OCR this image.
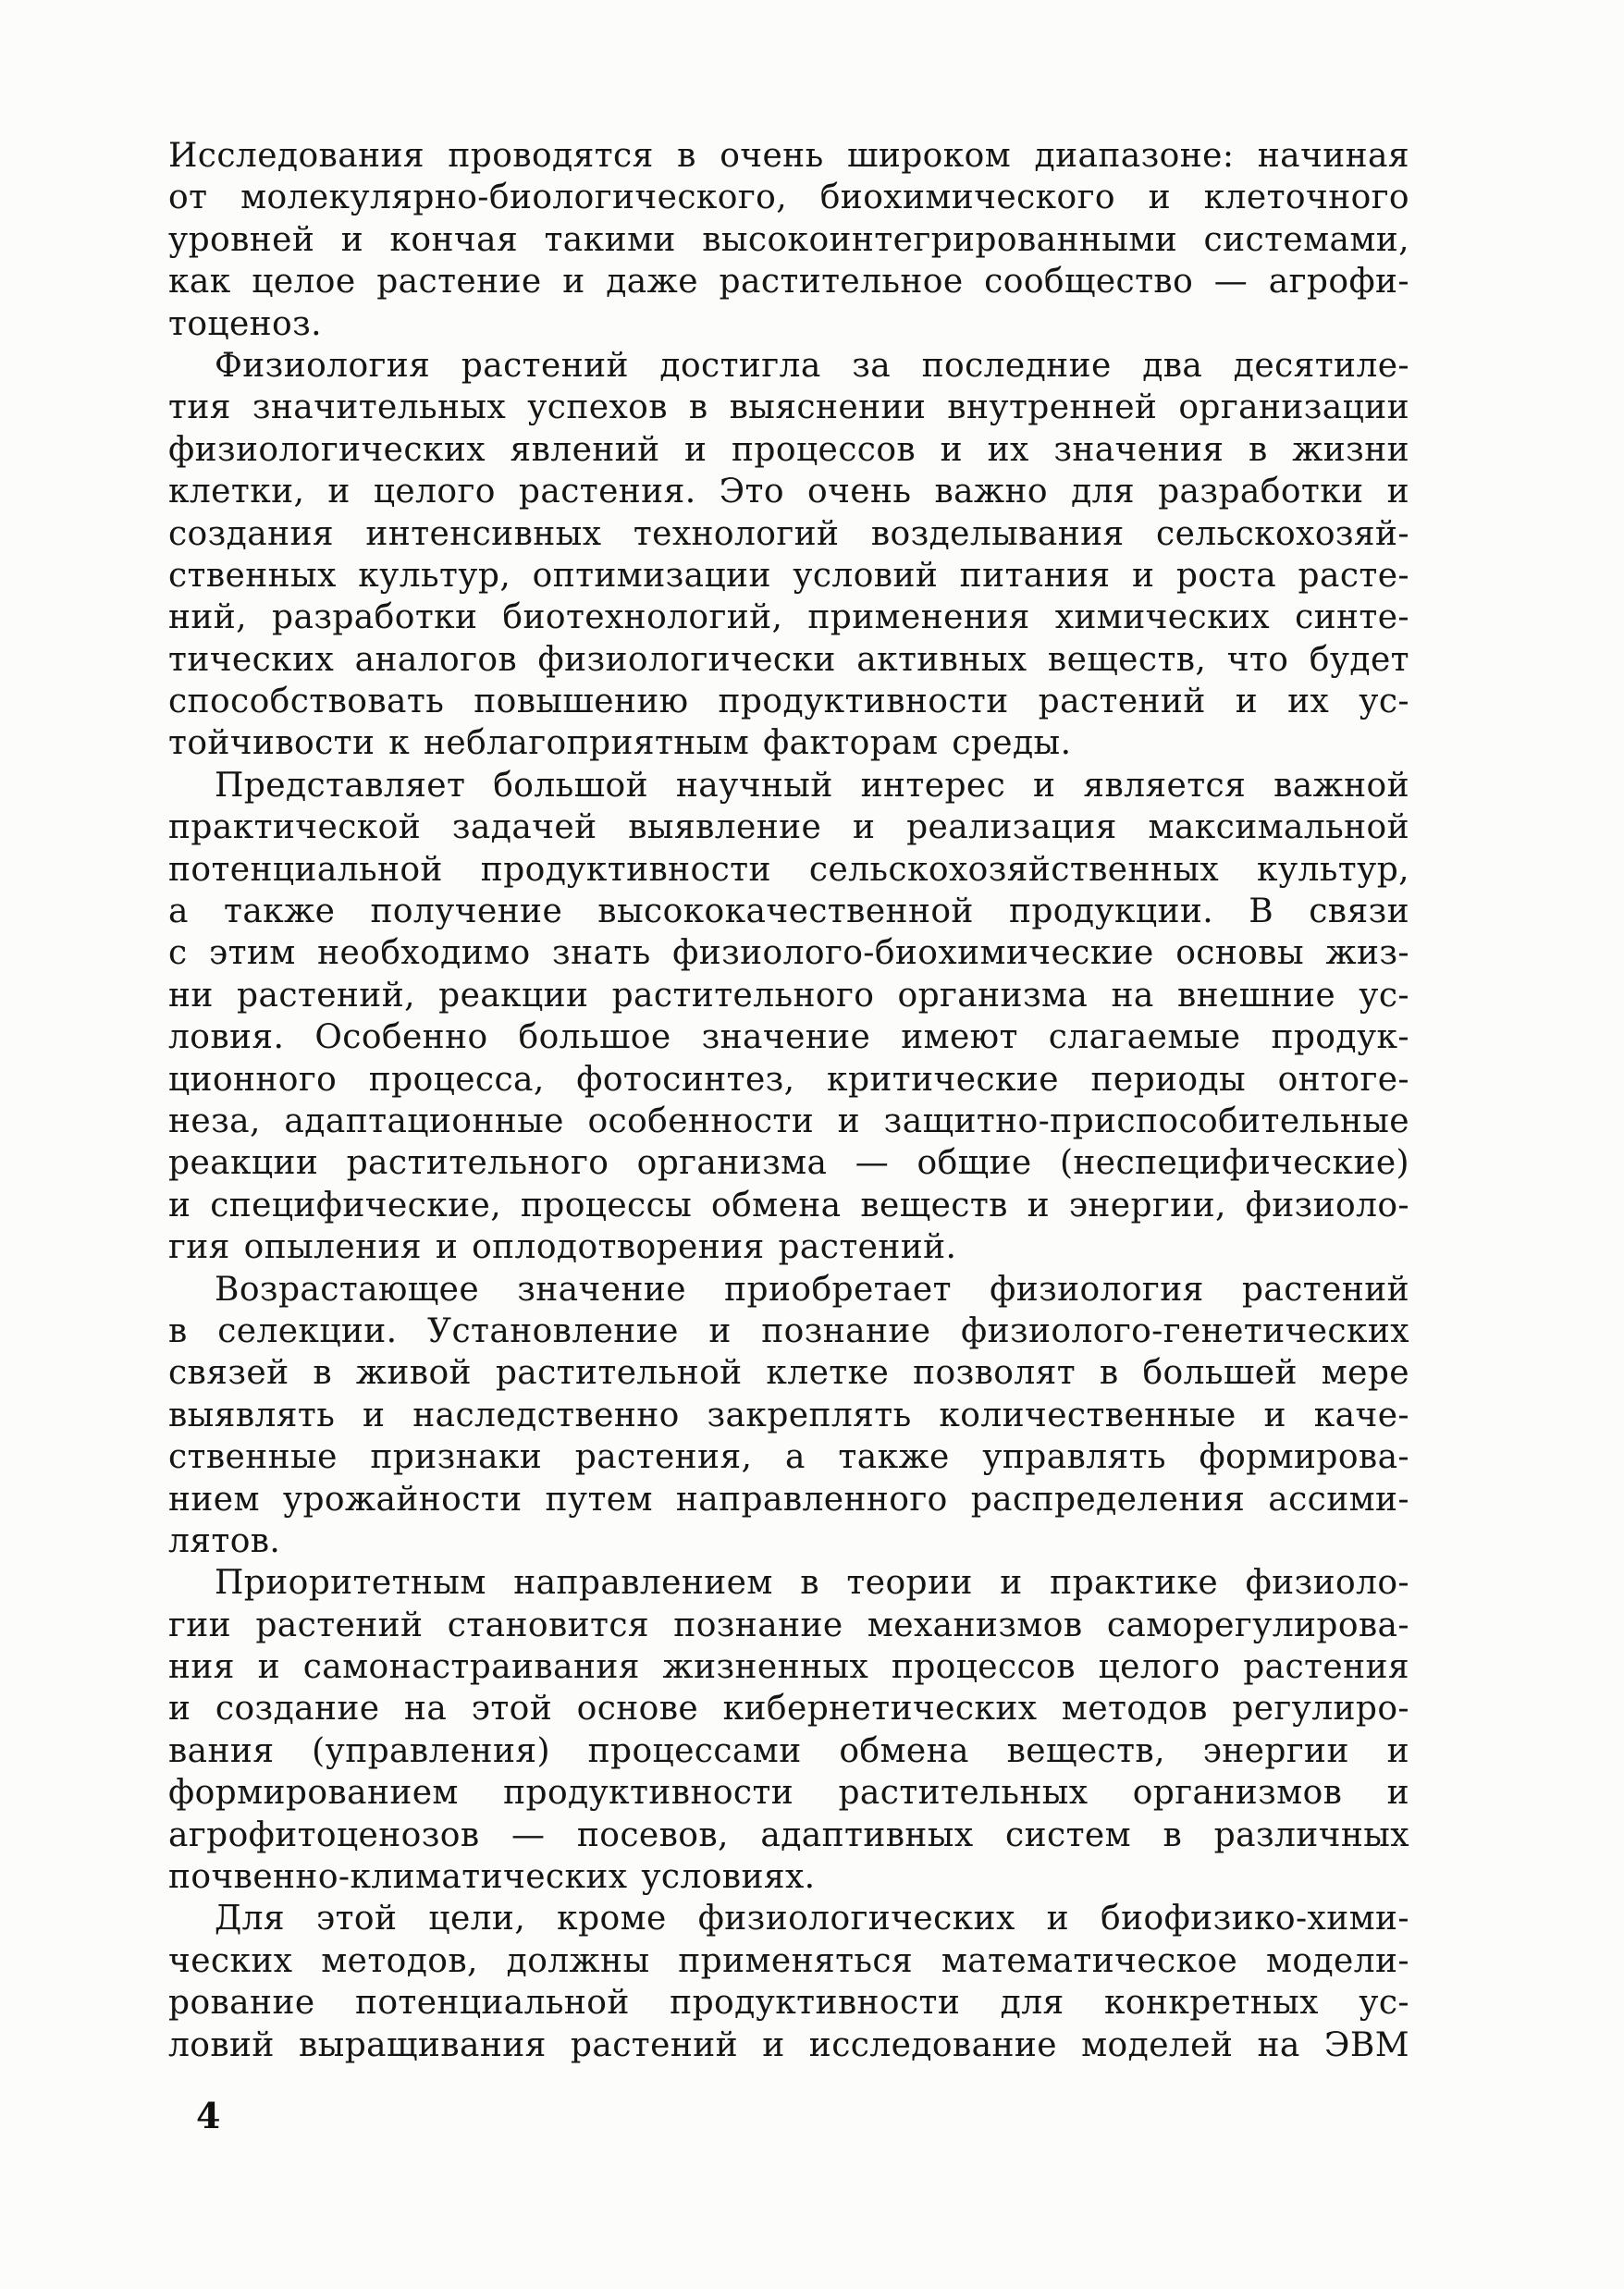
Исследования проводятся в очень широком диапазоне: начиная
от молекулярно-биологического, биохимического и клеточного
уровней и кончая такими высокоинтегрированными системами,
как целое растение и даже растительное сообщество — агрофи-
тоценоз.
Физиология растений достигла за последние два десятиле-
тия значительных успехов в выяснении внутренней организации
физиологических явлений и процессов и их значения в жизни
клетки, и целого растения. Это очень важно для разработки и
создания интенсивных технологий возделывания сельскохозяй-
ственных культур, оптимизации условий питания и роста расте-
ний, разработки биотехнологий, применения химических синте-
тических аналогов физиологически активных веществ, что будет
способствовать повышению продуктивности растений и их ус-
тойчивости к неблагоприятным факторам среды.
Представляет большой научный интерес и является важной
практической задачей выявление и реализация максимальной
потенциальной продуктивности сельскохозяйственных культур,
а также получение высококачественной продукции. В связи
с этим необходимо знать физиолого-биохимические основы жиз-
ни растений, реакции растительного организма на внешние ус-
ловия. Особенно большое значение имеют слагаемые продук-
ционного процесса, фотосинтез, критические периоды онтоге-
неза, адаптационные особенности и защитно-приспособительные
реакции растительного организма — общие (неспецифические)
и специфические, процессы обмена веществ и энергии, физиоло-
гия опыления и оплодотворения растений.
Возрастающее значение приобретает физиология растений
в селекции. Установление и познание физиолого-генетических
связей в живой растительной клетке позволят в большей мере
выявлять и наследственно закреплять количественные и каче-
ственные признаки растения, а также управлять формирова-
нием урожайности путем направленного распределения ассими-
лятов.
Приоритетным направлением в теории и практике физиоло-
гии растений становится познание механизмов саморегулирова-
ния и самонастраивания жизненных процессов целого растения
и создание на этой основе кибернетических методов регулиро-
вания (управления) процессами обмена веществ, энергии и
формированием продуктивности растительных организмов и
агрофитоценозов — посевов, адаптивных систем в различных
почвенно-климатических условиях.
Для этой цели, кроме физиологических и биофизико-хими-
ческих методов, должны применяться математическое модели-
рование потенциальной продуктивности для конкретных ус-
ловий выращивания растений и исследование моделей на ЭВМ
4
